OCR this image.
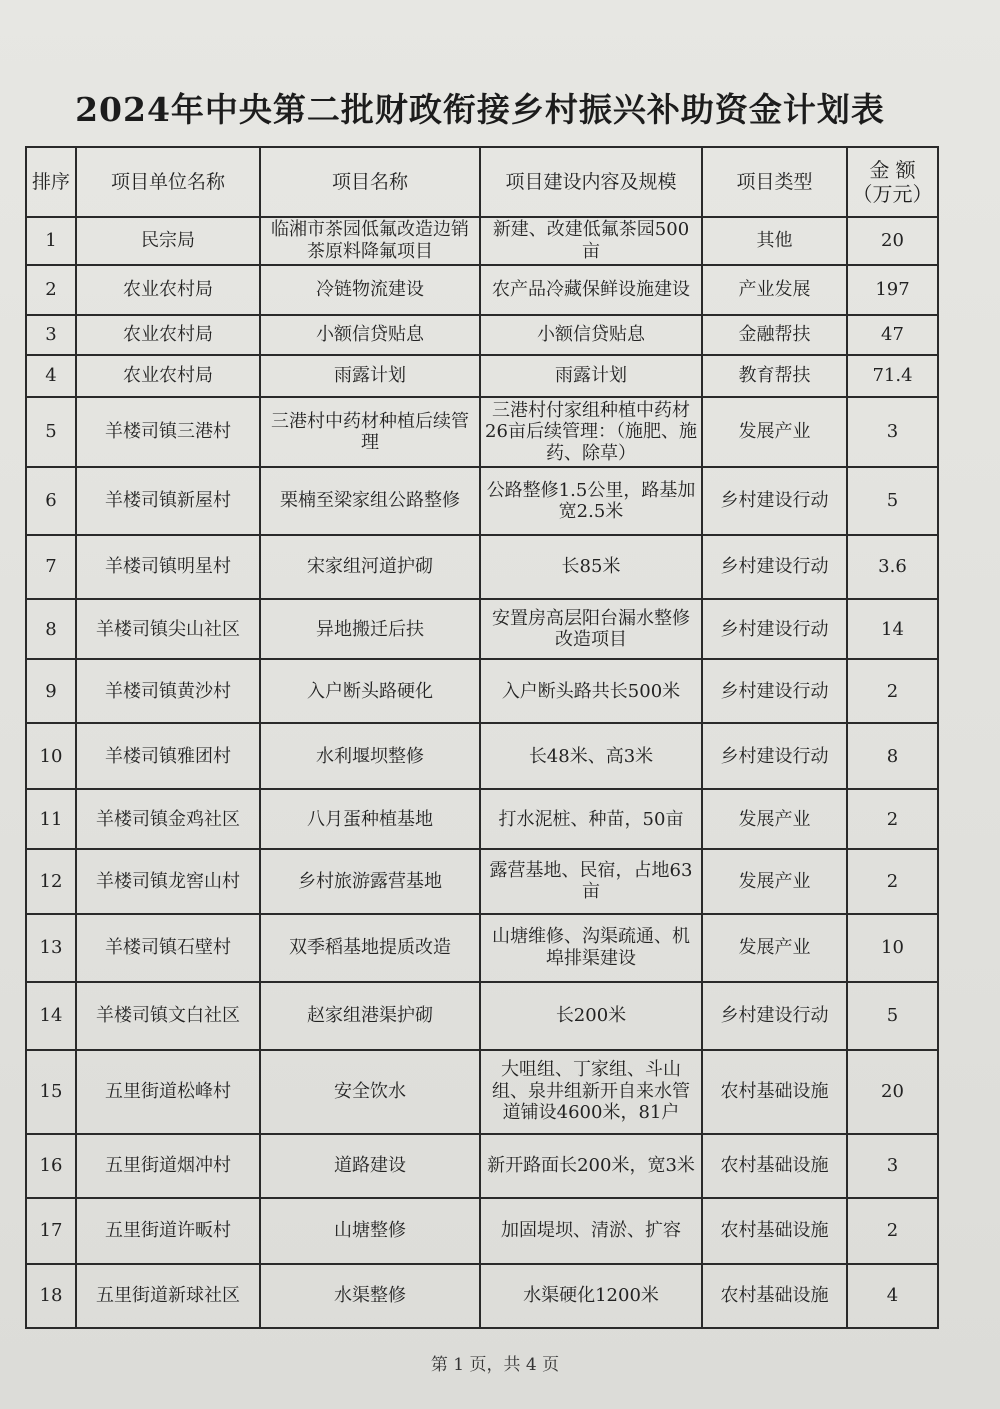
2024年中央第二批财政衔接乡村振兴补助资金计划表
排序	项目单位名称	项目名称	项目建设内容及规模	项目类型	金 额
（万元）
1	民宗局	临湘市茶园低氟改造边销茶原料降氟项目	新建、改建低氟茶园500亩	其他	20
2	农业农村局	冷链物流建设	农产品冷藏保鲜设施建设	产业发展	197
3	农业农村局	小额信贷贴息	小额信贷贴息	金融帮扶	47
4	农业农村局	雨露计划	雨露计划	教育帮扶	71.4
5	羊楼司镇三港村	三港村中药材种植后续管理	三港村付家组种植中药材26亩后续管理：（施肥、施药、除草）	发展产业	3
6	羊楼司镇新屋村	栗楠至梁家组公路整修	公路整修1.5公里，路基加宽2.5米	乡村建设行动	5
7	羊楼司镇明星村	宋家组河道护砌	长85米	乡村建设行动	3.6
8	羊楼司镇尖山社区	异地搬迁后扶	安置房高层阳台漏水整修改造项目	乡村建设行动	14
9	羊楼司镇黄沙村	入户断头路硬化	入户断头路共长500米	乡村建设行动	2
10	羊楼司镇雅团村	水利堰坝整修	长48米、高3米	乡村建设行动	8
11	羊楼司镇金鸡社区	八月蛋种植基地	打水泥桩、种苗，50亩	发展产业	2
12	羊楼司镇龙窖山村	乡村旅游露营基地	露营基地、民宿，占地63亩	发展产业	2
13	羊楼司镇石壁村	双季稻基地提质改造	山塘维修、沟渠疏通、机埠排渠建设	发展产业	10
14	羊楼司镇文白社区	赵家组港渠护砌	长200米	乡村建设行动	5
15	五里街道松峰村	安全饮水	大咀组、丁家组、斗山组、泉井组新开自来水管道铺设4600米，81户	农村基础设施	20
16	五里街道烟冲村	道路建设	新开路面长200米，宽3米	农村基础设施	3
17	五里街道许畈村	山塘整修	加固堤坝、清淤、扩容	农村基础设施	2
18	五里街道新球社区	水渠整修	水渠硬化1200米	农村基础设施	4
第 1 页，共 4 页
